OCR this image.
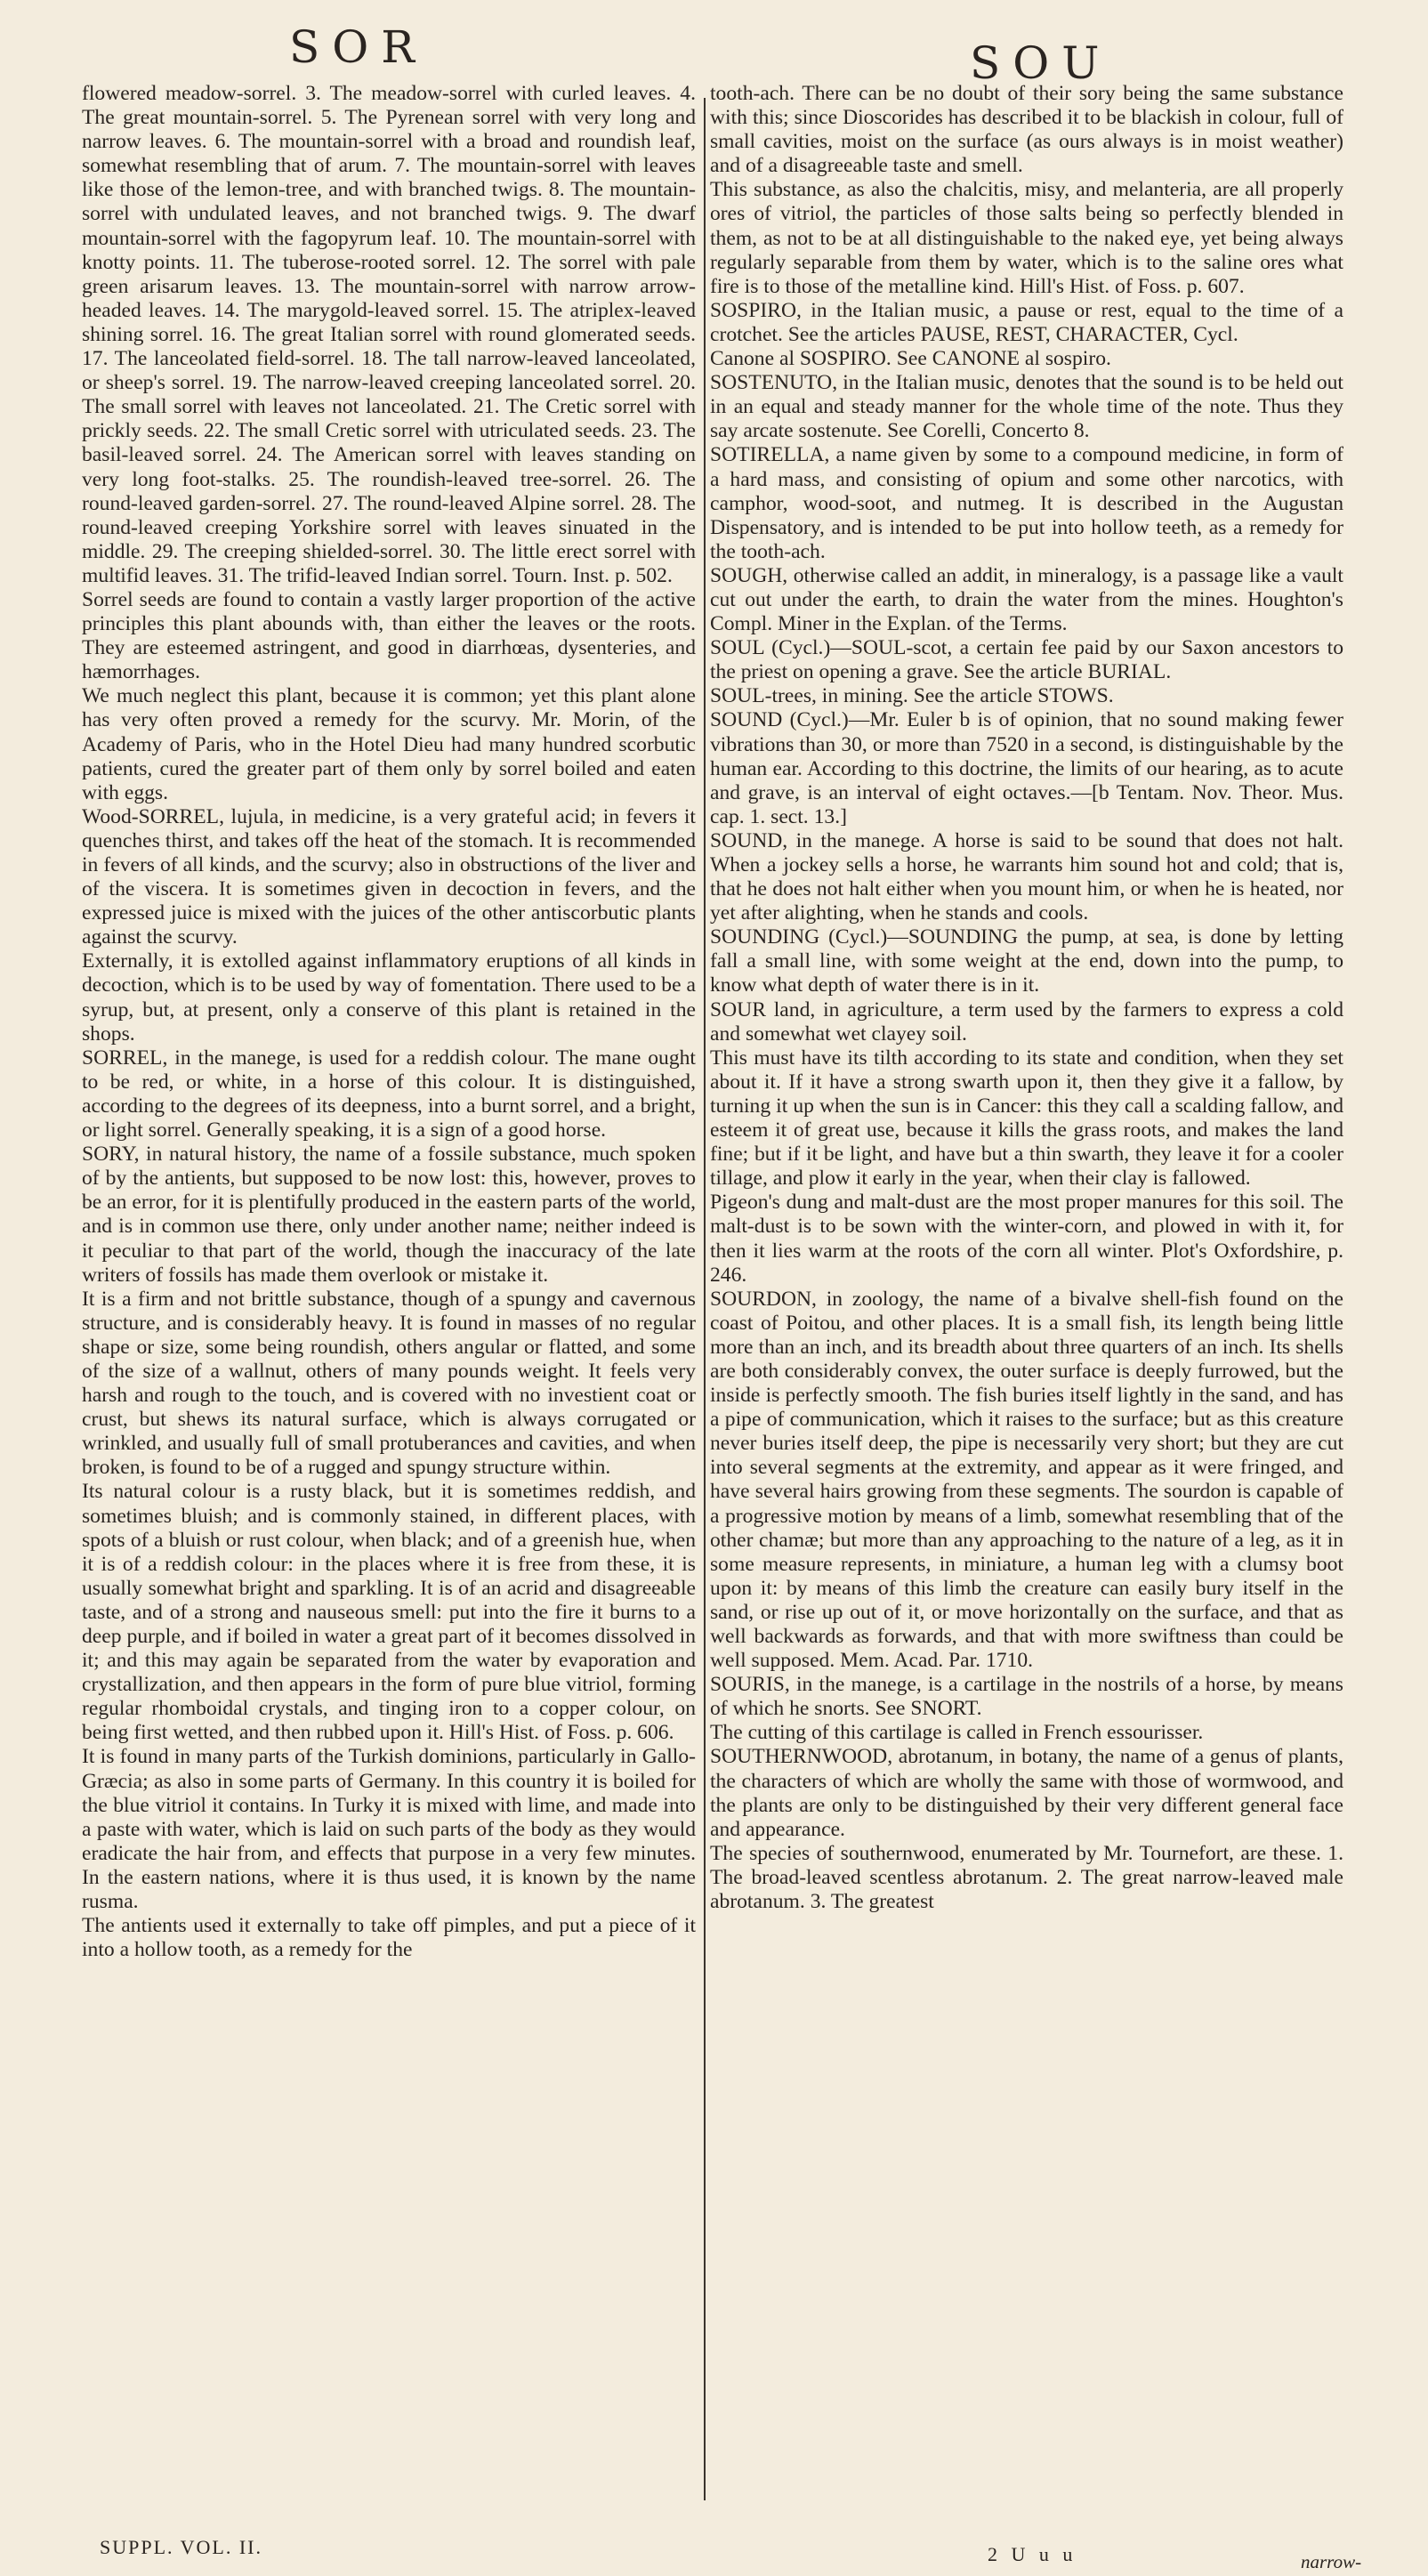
SOR	SOU

flowered meadow-sorrel. 3. The meadow-sorrel with curled leaves. 4. The great mountain-sorrel. 5. The Pyrenean sorrel with very long and narrow leaves. 6. The mountain-sorrel with a broad and roundish leaf, somewhat resembling that of arum. 7. The mountain-sorrel with leaves like those of the lemon-tree, and with branched twigs. 8. The mountain-sorrel with undulated leaves, and not branched twigs. 9. The dwarf mountain-sorrel with the fagopyrum leaf. 10. The mountain-sorrel with knotty points. 11. The tuberose-rooted sorrel. 12. The sorrel with pale green arisarum leaves. 13. The mountain-sorrel with narrow arrow-headed leaves. 14. The marygold-leaved sorrel. 15. The atriplex-leaved shining sorrel. 16. The great Italian sorrel with round glomerated seeds. 17. The lanceolated field-sorrel. 18. The tall narrow-leaved lanceolated, or sheep's sorrel. 19. The narrow-leaved creeping lanceolated sorrel. 20. The small sorrel with leaves not lanceolated. 21. The Cretic sorrel with prickly seeds. 22. The small Cretic sorrel with utriculated seeds. 23. The basil-leaved sorrel. 24. The American sorrel with leaves standing on very long foot-stalks. 25. The roundish-leaved tree-sorrel. 26. The round-leaved garden-sorrel. 27. The round-leaved Alpine sorrel. 28. The round-leaved creeping Yorkshire sorrel with leaves sinuated in the middle. 29. The creeping shielded-sorrel. 30. The little erect sorrel with multifid leaves. 31. The trifid-leaved Indian sorrel. Tourn. Inst. p. 502.

Sorrel seeds are found to contain a vastly larger proportion of the active principles this plant abounds with, than either the leaves or the roots. They are esteemed astringent, and good in diarrhœas, dysenteries, and hæmorrhages.

We much neglect this plant, because it is common; yet this plant alone has very often proved a remedy for the scurvy. Mr. Morin, of the Academy of Paris, who in the Hotel Dieu had many hundred scorbutic patients, cured the greater part of them only by sorrel boiled and eaten with eggs.

Wood-SORREL, lujula, in medicine, is a very grateful acid; in fevers it quenches thirst, and takes off the heat of the stomach. It is recommended in fevers of all kinds, and the scurvy; also in obstructions of the liver and of the viscera. It is sometimes given in decoction in fevers, and the expressed juice is mixed with the juices of the other antiscorbutic plants against the scurvy.

Externally, it is extolled against inflammatory eruptions of all kinds in decoction, which is to be used by way of fomentation. There used to be a syrup, but, at present, only a conserve of this plant is retained in the shops.

SORREL, in the manege, is used for a reddish colour. The mane ought to be red, or white, in a horse of this colour. It is distinguished, according to the degrees of its deepness, into a burnt sorrel, and a bright, or light sorrel. Generally speaking, it is a sign of a good horse.

SORY, in natural history, the name of a fossile substance, much spoken of by the antients, but supposed to be now lost: this, however, proves to be an error, for it is plentifully produced in the eastern parts of the world, and is in common use there, only under another name; neither indeed is it peculiar to that part of the world, though the inaccuracy of the late writers of fossils has made them overlook or mistake it.

It is a firm and not brittle substance, though of a spungy and cavernous structure, and is considerably heavy. It is found in masses of no regular shape or size, some being roundish, others angular or flatted, and some of the size of a wallnut, others of many pounds weight. It feels very harsh and rough to the touch, and is covered with no investient coat or crust, but shews its natural surface, which is always corrugated or wrinkled, and usually full of small protuberances and cavities, and when broken, is found to be of a rugged and spungy structure within.

Its natural colour is a rusty black, but it is sometimes reddish, and sometimes bluish; and is commonly stained, in different places, with spots of a bluish or rust colour, when black; and of a greenish hue, when it is of a reddish colour: in the places where it is free from these, it is usually somewhat bright and sparkling. It is of an acrid and disagreeable taste, and of a strong and nauseous smell: put into the fire it burns to a deep purple, and if boiled in water a great part of it becomes dissolved in it; and this may again be separated from the water by evaporation and crystallization, and then appears in the form of pure blue vitriol, forming regular rhomboidal crystals, and tinging iron to a copper colour, on being first wetted, and then rubbed upon it. Hill's Hist. of Foss. p. 606.

It is found in many parts of the Turkish dominions, particularly in Gallo-Græcia; as also in some parts of Germany. In this country it is boiled for the blue vitriol it contains. In Turky it is mixed with lime, and made into a paste with water, which is laid on such parts of the body as they would eradicate the hair from, and effects that purpose in a very few minutes. In the eastern nations, where it is thus used, it is known by the name rusma.

The antients used it externally to take off pimples, and put a piece of it into a hollow tooth, as a remedy for the

tooth-ach. There can be no doubt of their sory being the same substance with this; since Dioscorides has described it to be blackish in colour, full of small cavities, moist on the surface (as ours always is in moist weather) and of a disagreeable taste and smell.

This substance, as also the chalcitis, misy, and melanteria, are all properly ores of vitriol, the particles of those salts being so perfectly blended in them, as not to be at all distinguishable to the naked eye, yet being always regularly separable from them by water, which is to the saline ores what fire is to those of the metalline kind. Hill's Hist. of Foss. p. 607.

SOSPIRO, in the Italian music, a pause or rest, equal to the time of a crotchet. See the articles PAUSE, REST, CHARACTER, Cycl.

Canone al SOSPIRO. See CANONE al sospiro.

SOSTENUTO, in the Italian music, denotes that the sound is to be held out in an equal and steady manner for the whole time of the note. Thus they say arcate sostenute. See Corelli, Concerto 8.

SOTIRELLA, a name given by some to a compound medicine, in form of a hard mass, and consisting of opium and some other narcotics, with camphor, wood-soot, and nutmeg. It is described in the Augustan Dispensatory, and is intended to be put into hollow teeth, as a remedy for the tooth-ach.

SOUGH, otherwise called an addit, in mineralogy, is a passage like a vault cut out under the earth, to drain the water from the mines. Houghton's Compl. Miner in the Explan. of the Terms.

SOUL (Cycl.)—SOUL-scot, a certain fee paid by our Saxon ancestors to the priest on opening a grave. See the article BURIAL.

SOUL-trees, in mining. See the article STOWS.

SOUND (Cycl.)—Mr. Euler b is of opinion, that no sound making fewer vibrations than 30, or more than 7520 in a second, is distinguishable by the human ear. According to this doctrine, the limits of our hearing, as to acute and grave, is an interval of eight octaves.—[b Tentam. Nov. Theor. Mus. cap. 1. sect. 13.]

SOUND, in the manege. A horse is said to be sound that does not halt. When a jockey sells a horse, he warrants him sound hot and cold; that is, that he does not halt either when you mount him, or when he is heated, nor yet after alighting, when he stands and cools.

SOUNDING (Cycl.)—SOUNDING the pump, at sea, is done by letting fall a small line, with some weight at the end, down into the pump, to know what depth of water there is in it.

SOUR land, in agriculture, a term used by the farmers to express a cold and somewhat wet clayey soil.

This must have its tilth according to its state and condition, when they set about it. If it have a strong swarth upon it, then they give it a fallow, by turning it up when the sun is in Cancer: this they call a scalding fallow, and esteem it of great use, because it kills the grass roots, and makes the land fine; but if it be light, and have but a thin swarth, they leave it for a cooler tillage, and plow it early in the year, when their clay is fallowed.

Pigeon's dung and malt-dust are the most proper manures for this soil. The malt-dust is to be sown with the winter-corn, and plowed in with it, for then it lies warm at the roots of the corn all winter. Plot's Oxfordshire, p. 246.

SOURDON, in zoology, the name of a bivalve shell-fish found on the coast of Poitou, and other places. It is a small fish, its length being little more than an inch, and its breadth about three quarters of an inch. Its shells are both considerably convex, the outer surface is deeply furrowed, but the inside is perfectly smooth. The fish buries itself lightly in the sand, and has a pipe of communication, which it raises to the surface; but as this creature never buries itself deep, the pipe is necessarily very short; but they are cut into several segments at the extremity, and appear as it were fringed, and have several hairs growing from these segments. The sourdon is capable of a progressive motion by means of a limb, somewhat resembling that of the other chamæ; but more than any approaching to the nature of a leg, as it in some measure represents, in miniature, a human leg with a clumsy boot upon it: by means of this limb the creature can easily bury itself in the sand, or rise up out of it, or move horizontally on the surface, and that as well backwards as forwards, and that with more swiftness than could be well supposed. Mem. Acad. Par. 1710.

SOURIS, in the manege, is a cartilage in the nostrils of a horse, by means of which he snorts. See SNORT.

The cutting of this cartilage is called in French essourisser.

SOUTHERNWOOD, abrotanum, in botany, the name of a genus of plants, the characters of which are wholly the same with those of wormwood, and the plants are only to be distinguished by their very different general face and appearance.

The species of southernwood, enumerated by Mr. Tournefort, are these. 1. The broad-leaved scentless abrotanum. 2. The great narrow-leaved male abrotanum. 3. The greatest

SUPPL. VOL. II.	2 U u u	narrow-
